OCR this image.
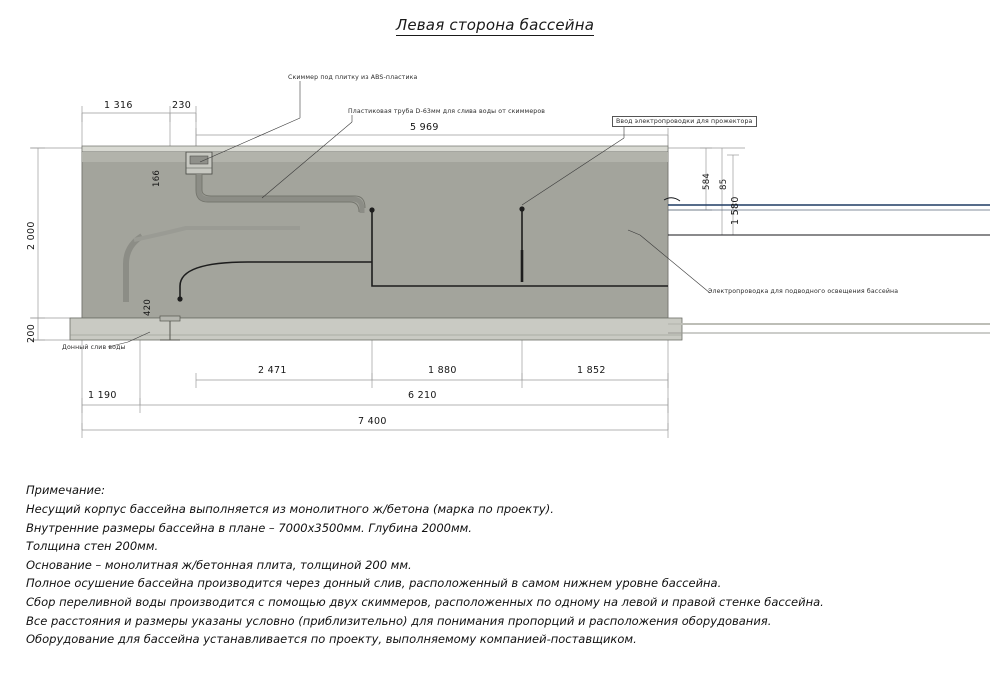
Левая сторона бассейна
1 316	230
5 969
2 000
200
166
420
584 85
1 580
2 471	1 880	1 852
1 190	6 210
7 400
Скиммер под плитку из ABS-пластика
Пластиковая труба D-63мм для слива воды от скиммеров
Ввод электропроводки для прожектора
Электропроводка для подводного освещения бассейна
Донный слив воды
Примечание:
Несущий корпус бассейна выполняется из монолитного ж/бетона (марка по проекту).
Внутренние размеры бассейна в плане – 7000х3500мм. Глубина 2000мм.
Толщина стен 200мм.
Основание – монолитная ж/бетонная плита, толщиной 200 мм.
Полное осушение бассейна производится через донный слив, расположенный в самом нижнем уровне бассейна.
Сбор переливной воды производится с помощью двух скиммеров, расположенных по одному на левой и правой стенке бассейна.
Все расстояния и размеры указаны условно (приблизительно) для понимания пропорций и расположения оборудования.
Оборудование для бассейна устанавливается по проекту, выполняемому компанией-поставщиком.
